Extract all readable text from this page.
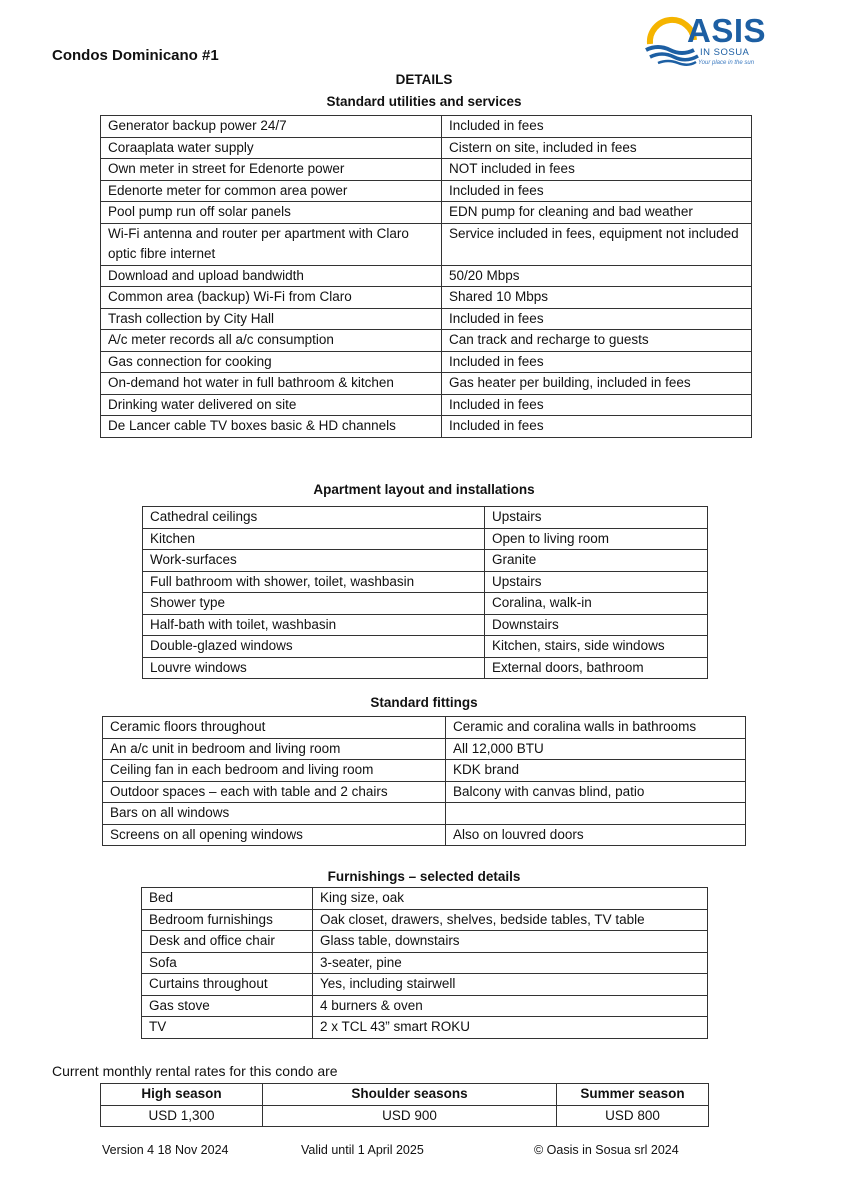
Condos Dominicano #1
ASIS
IN SOSUA
Your place in the sun
DETAILS
Standard utilities and services
Generator backup power 24/7	Included in fees
Coraaplata water supply	Cistern on site, included in fees
Own meter in street for Edenorte power	NOT included in fees
Edenorte meter for common area power	Included in fees
Pool pump run off solar panels	EDN pump for cleaning and bad weather
Wi-Fi antenna and router per apartment with Claro optic fibre internet	Service included in fees, equipment not included
Download and upload bandwidth	50/20 Mbps
Common area (backup) Wi-Fi from Claro	Shared 10 Mbps
Trash collection by City Hall	Included in fees
A/c meter records all a/c consumption	Can track and recharge to guests
Gas connection for cooking	Included in fees
On-demand hot water in full bathroom & kitchen	Gas heater per building, included in fees
Drinking water delivered on site	Included in fees
De Lancer cable TV boxes basic & HD channels	Included in fees
Apartment layout and installations
Cathedral ceilings	Upstairs
Kitchen	Open to living room
Work-surfaces	Granite
Full bathroom with shower, toilet, washbasin	Upstairs
Shower type	Coralina, walk-in
Half-bath with toilet, washbasin	Downstairs
Double-glazed windows	Kitchen, stairs, side windows
Louvre windows	External doors, bathroom
Standard fittings
Ceramic floors throughout	Ceramic and coralina walls in bathrooms
An a/c unit in bedroom and living room	All 12,000 BTU
Ceiling fan in each bedroom and living room	KDK brand
Outdoor spaces – each with table and 2 chairs	Balcony with canvas blind, patio
Bars on all windows	
Screens on all opening windows	Also on louvred doors
Furnishings – selected details
Bed	King size, oak
Bedroom furnishings	Oak closet, drawers, shelves, bedside tables, TV table
Desk and office chair	Glass table, downstairs
Sofa	3-seater, pine
Curtains throughout	Yes, including stairwell
Gas stove	4 burners & oven
TV	2 x TCL 43” smart ROKU
Current monthly rental rates for this condo are
High season	Shoulder seasons	Summer season
USD 1,300	USD 900	USD 800
Version 4 18 Nov 2024	Valid until 1 April 2025	© Oasis in Sosua srl 2024
